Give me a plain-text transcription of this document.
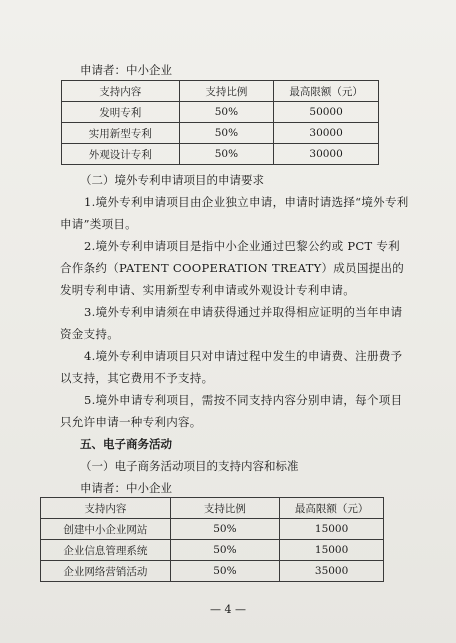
申请者：中小企业
支持内容	支持比例	最高限额（元）
发明专利	50%	50000
实用新型专利	50%	30000
外观设计专利	50%	30000
（二）境外专利申请项目的申请要求
1.境外专利申请项目由企业独立申请，申请时请选择“境外专利申请”类项目。
2.境外专利申请项目是指中小企业通过巴黎公约或 PCT 专利合作条约（PATENT COOPERATION TREATY）成员国提出的发明专利申请、实用新型专利申请或外观设计专利申请。
3.境外专利申请须在申请获得通过并取得相应证明的当年申请资金支持。
4.境外专利申请项目只对申请过程中发生的申请费、注册费予以支持，其它费用不予支持。
5.境外申请专利项目，需按不同支持内容分别申请，每个项目只允许申请一种专利内容。
五、电子商务活动
（一）电子商务活动项目的支持内容和标准
申请者：中小企业
支持内容	支持比例	最高限额（元）
创建中小企业网站	50%	15000
企业信息管理系统	50%	15000
企业网络营销活动	50%	35000
— 4 —
